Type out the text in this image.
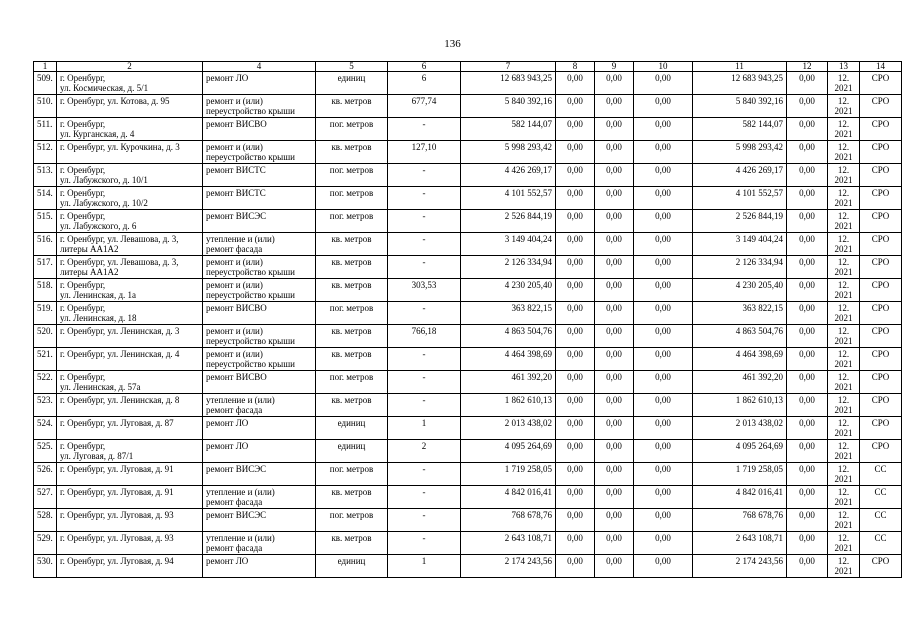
136
1	2	4	5	6	7	8	9	10	11	12	13	14
509.	г. Оренбург,
ул. Космическая, д. 5/1	ремонт ЛО	единиц	6	12 683 943,25	0,00	0,00	0,00	12 683 943,25	0,00	12.
2021	СРО
510.	г. Оренбург, ул. Котова, д. 95	ремонт и (или)
переустройство крыши	кв. метров	677,74	5 840 392,16	0,00	0,00	0,00	5 840 392,16	0,00	12.
2021	СРО
511.	г. Оренбург,
ул. Курганская, д. 4	ремонт ВИСВО	пог. метров	-	582 144,07	0,00	0,00	0,00	582 144,07	0,00	12.
2021	СРО
512.	г. Оренбург, ул. Курочкина, д. 3	ремонт и (или)
переустройство крыши	кв. метров	127,10	5 998 293,42	0,00	0,00	0,00	5 998 293,42	0,00	12.
2021	СРО
513.	г. Оренбург,
ул. Лабужского, д. 10/1	ремонт ВИСТС	пог. метров	-	4 426 269,17	0,00	0,00	0,00	4 426 269,17	0,00	12.
2021	СРО
514.	г. Оренбург,
ул. Лабужского, д. 10/2	ремонт ВИСТС	пог. метров	-	4 101 552,57	0,00	0,00	0,00	4 101 552,57	0,00	12.
2021	СРО
515.	г. Оренбург,
ул. Лабужского, д. 6	ремонт ВИСЭС	пог. метров	-	2 526 844,19	0,00	0,00	0,00	2 526 844,19	0,00	12.
2021	СРО
516.	г. Оренбург, ул. Левашова, д. 3,
литеры АА1А2	утепление и (или)
ремонт фасада	кв. метров	-	3 149 404,24	0,00	0,00	0,00	3 149 404,24	0,00	12.
2021	СРО
517.	г. Оренбург, ул. Левашова, д. 3,
литеры АА1А2	ремонт и (или)
переустройство крыши	кв. метров	-	2 126 334,94	0,00	0,00	0,00	2 126 334,94	0,00	12.
2021	СРО
518.	г. Оренбург,
ул. Ленинская, д. 1а	ремонт и (или)
переустройство крыши	кв. метров	303,53	4 230 205,40	0,00	0,00	0,00	4 230 205,40	0,00	12.
2021	СРО
519.	г. Оренбург,
ул. Ленинская, д. 18	ремонт ВИСВО	пог. метров	-	363 822,15	0,00	0,00	0,00	363 822,15	0,00	12.
2021	СРО
520.	г. Оренбург, ул. Ленинская, д. 3	ремонт и (или)
переустройство крыши	кв. метров	766,18	4 863 504,76	0,00	0,00	0,00	4 863 504,76	0,00	12.
2021	СРО
521.	г. Оренбург, ул. Ленинская, д. 4	ремонт и (или)
переустройство крыши	кв. метров	-	4 464 398,69	0,00	0,00	0,00	4 464 398,69	0,00	12.
2021	СРО
522.	г. Оренбург,
ул. Ленинская, д. 57а	ремонт ВИСВО	пог. метров	-	461 392,20	0,00	0,00	0,00	461 392,20	0,00	12.
2021	СРО
523.	г. Оренбург, ул. Ленинская, д. 8	утепление и (или)
ремонт фасада	кв. метров	-	1 862 610,13	0,00	0,00	0,00	1 862 610,13	0,00	12.
2021	СРО
524.	г. Оренбург, ул. Луговая, д. 87	ремонт ЛО	единиц	1	2 013 438,02	0,00	0,00	0,00	2 013 438,02	0,00	12.
2021	СРО
525.	г. Оренбург,
ул. Луговая, д. 87/1	ремонт ЛО	единиц	2	4 095 264,69	0,00	0,00	0,00	4 095 264,69	0,00	12.
2021	СРО
526.	г. Оренбург, ул. Луговая, д. 91	ремонт ВИСЭС	пог. метров	-	1 719 258,05	0,00	0,00	0,00	1 719 258,05	0,00	12.
2021	СС
527.	г. Оренбург, ул. Луговая, д. 91	утепление и (или)
ремонт фасада	кв. метров	-	4 842 016,41	0,00	0,00	0,00	4 842 016,41	0,00	12.
2021	СС
528.	г. Оренбург, ул. Луговая, д. 93	ремонт ВИСЭС	пог. метров	-	768 678,76	0,00	0,00	0,00	768 678,76	0,00	12.
2021	СС
529.	г. Оренбург, ул. Луговая, д. 93	утепление и (или)
ремонт фасада	кв. метров	-	2 643 108,71	0,00	0,00	0,00	2 643 108,71	0,00	12.
2021	СС
530.	г. Оренбург, ул. Луговая, д. 94	ремонт ЛО	единиц	1	2 174 243,56	0,00	0,00	0,00	2 174 243,56	0,00	12.
2021	СРО
